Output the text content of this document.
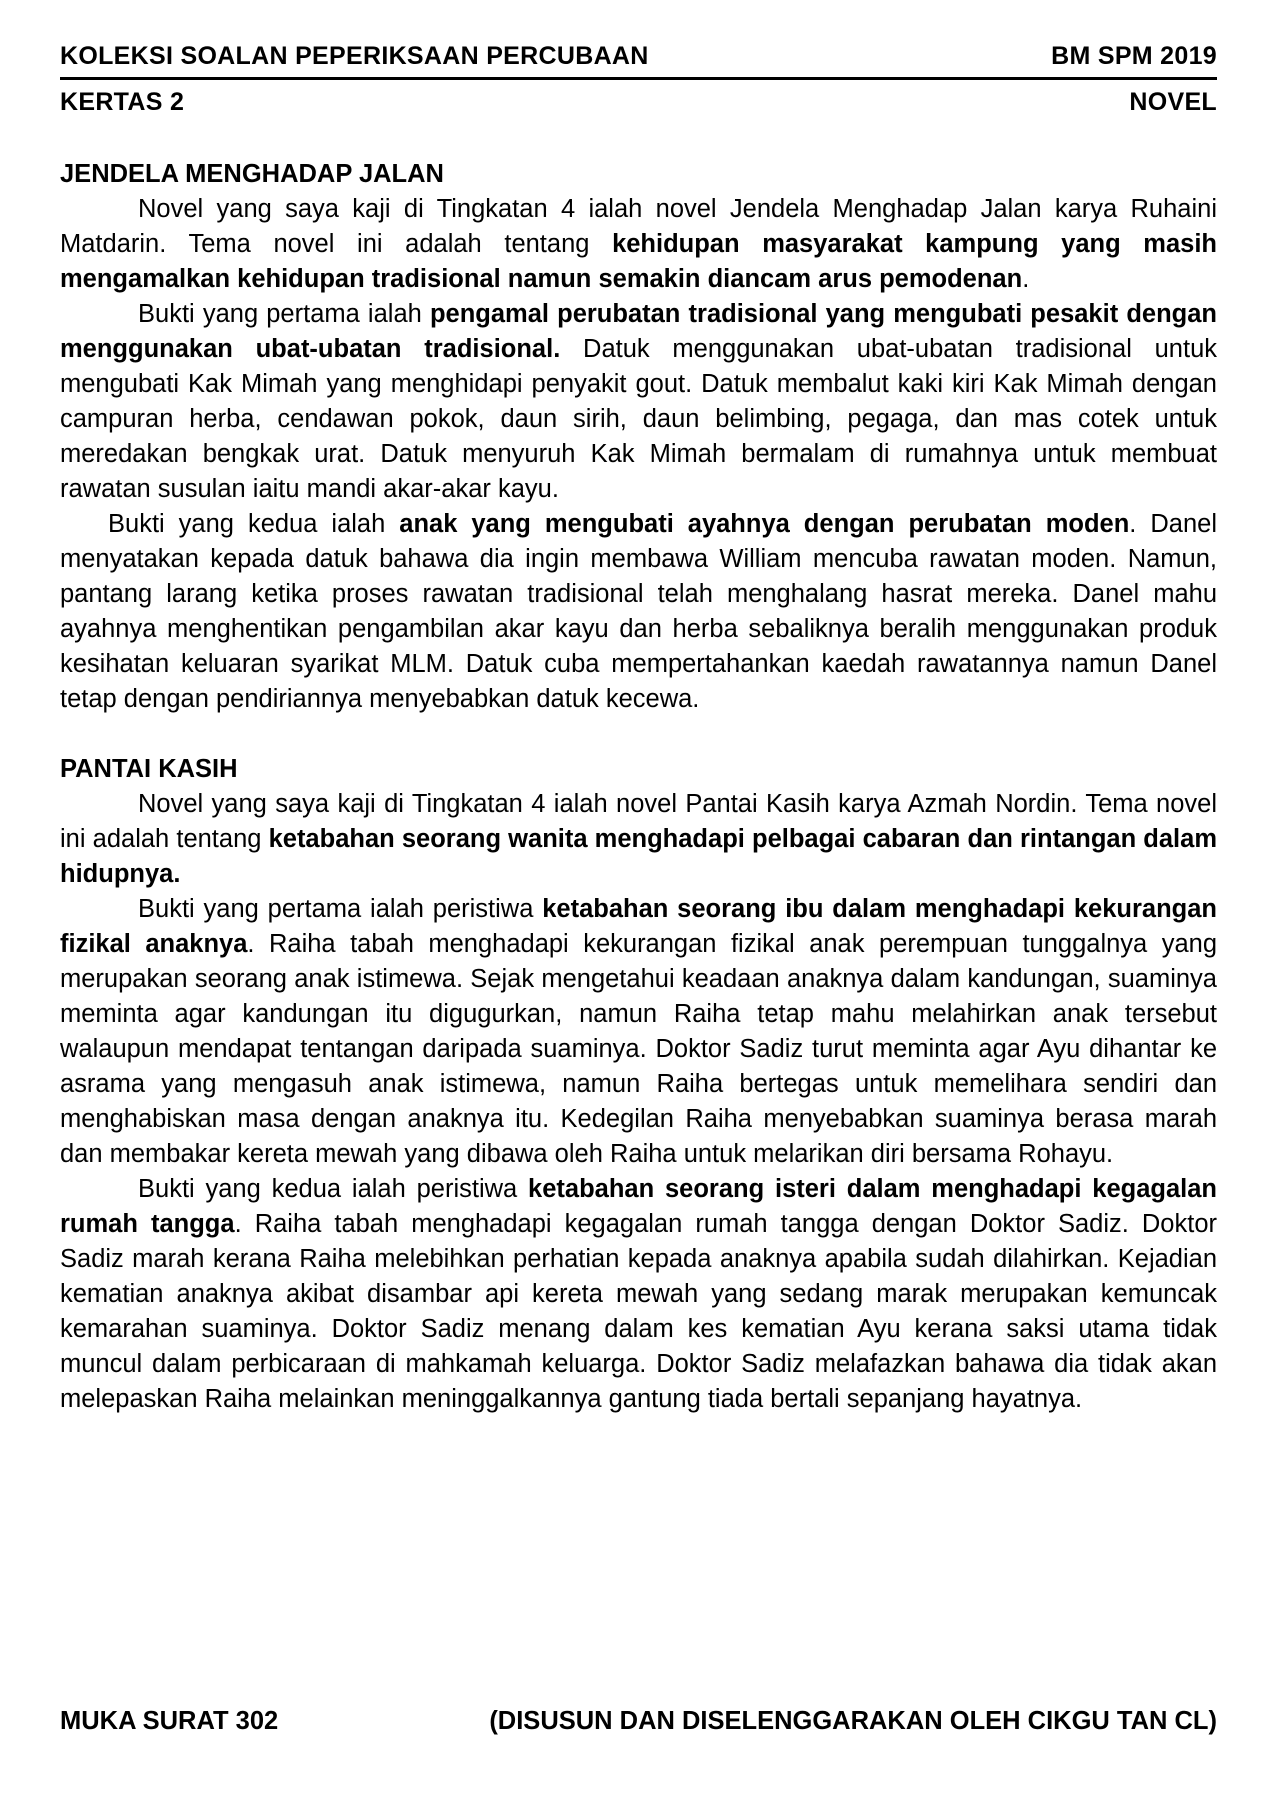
KOLEKSI SOALAN PEPERIKSAAN PERCUBAAN	BM SPM 2019
KERTAS 2	NOVEL
JENDELA MENGHADAP JALAN

Novel yang saya kaji di Tingkatan 4 ialah novel Jendela Menghadap Jalan karya Ruhaini Matdarin. Tema novel ini adalah tentang kehidupan masyarakat kampung yang masih mengamalkan kehidupan tradisional namun semakin diancam arus pemodenan.

Bukti yang pertama ialah pengamal perubatan tradisional yang mengubati pesakit dengan menggunakan ubat-ubatan tradisional. Datuk menggunakan ubat-ubatan tradisional untuk mengubati Kak Mimah yang menghidapi penyakit gout. Datuk membalut kaki kiri Kak Mimah dengan campuran herba, cendawan pokok, daun sirih, daun belimbing, pegaga, dan mas cotek untuk meredakan bengkak urat. Datuk menyuruh Kak Mimah bermalam di rumahnya untuk membuat rawatan susulan iaitu mandi akar-akar kayu.

Bukti yang kedua ialah anak yang mengubati ayahnya dengan perubatan moden. Danel menyatakan kepada datuk bahawa dia ingin membawa William mencuba rawatan moden. Namun, pantang larang ketika proses rawatan tradisional telah menghalang hasrat mereka. Danel mahu ayahnya menghentikan pengambilan akar kayu dan herba sebaliknya beralih menggunakan produk kesihatan keluaran syarikat MLM. Datuk cuba mempertahankan kaedah rawatannya namun Danel tetap dengan pendiriannya menyebabkan datuk kecewa.

PANTAI KASIH

Novel yang saya kaji di Tingkatan 4 ialah novel Pantai Kasih karya Azmah Nordin. Tema novel ini adalah tentang ketabahan seorang wanita menghadapi pelbagai cabaran dan rintangan dalam hidupnya.

Bukti yang pertama ialah peristiwa ketabahan seorang ibu dalam menghadapi kekurangan fizikal anaknya. Raiha tabah menghadapi kekurangan fizikal anak perempuan tunggalnya yang merupakan seorang anak istimewa. Sejak mengetahui keadaan anaknya dalam kandungan, suaminya meminta agar kandungan itu digugurkan, namun Raiha tetap mahu melahirkan anak tersebut walaupun mendapat tentangan daripada suaminya. Doktor Sadiz turut meminta agar Ayu dihantar ke asrama yang mengasuh anak istimewa, namun Raiha bertegas untuk memelihara sendiri dan menghabiskan masa dengan anaknya itu. Kedegilan Raiha menyebabkan suaminya berasa marah dan membakar kereta mewah yang dibawa oleh Raiha untuk melarikan diri bersama Rohayu.

Bukti yang kedua ialah peristiwa ketabahan seorang isteri dalam menghadapi kegagalan rumah tangga. Raiha tabah menghadapi kegagalan rumah tangga dengan Doktor Sadiz. Doktor Sadiz marah kerana Raiha melebihkan perhatian kepada anaknya apabila sudah dilahirkan. Kejadian kematian anaknya akibat disambar api kereta mewah yang sedang marak merupakan kemuncak kemarahan suaminya. Doktor Sadiz menang dalam kes kematian Ayu kerana saksi utama tidak muncul dalam perbicaraan di mahkamah keluarga. Doktor Sadiz melafazkan bahawa dia tidak akan melepaskan Raiha melainkan meninggalkannya gantung tiada bertali sepanjang hayatnya.

MUKA SURAT 302	(DISUSUN DAN DISELENGGARAKAN OLEH CIKGU TAN CL)
